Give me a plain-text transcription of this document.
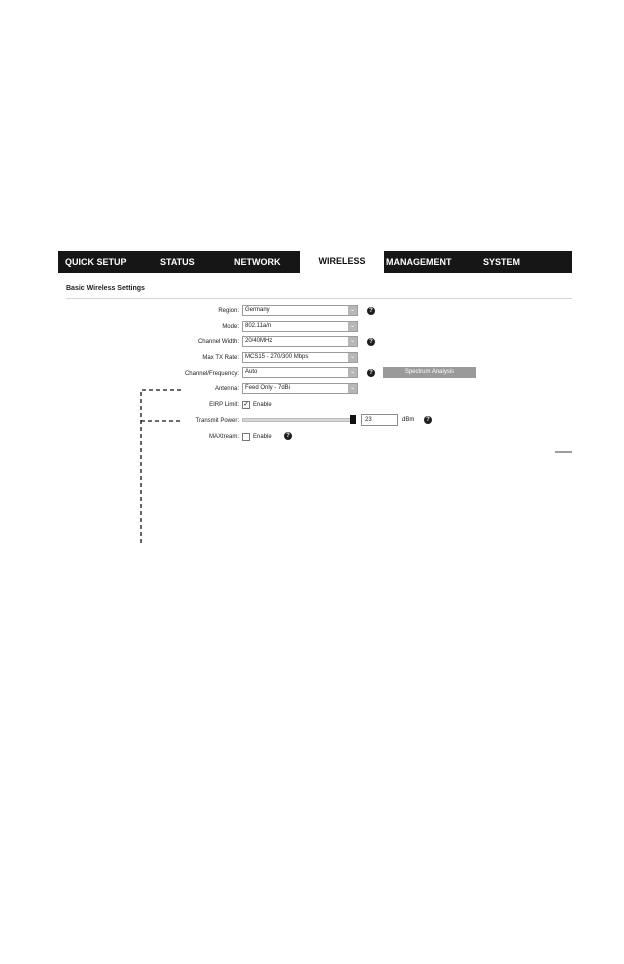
QUICK SETUP	STATUS	NETWORK	WIRELESS	MANAGEMENT	SYSTEM
Basic Wireless Settings
Region:	Germany	⌄	?
Mode:	802.11a/n	⌄
Channel Width:	20/40MHz	⌄	?
Max TX Rate:	MCS15 - 270/300 Mbps	⌄
Channel/Frequency:	Auto	⌄	?	Spectrum Analysis
Antenna:	Feed Only - 7dBi	⌄
EIRP Limit: ✓ Enable
Transmit Power:	23	dBm	?
MAXtream: Enable	?
